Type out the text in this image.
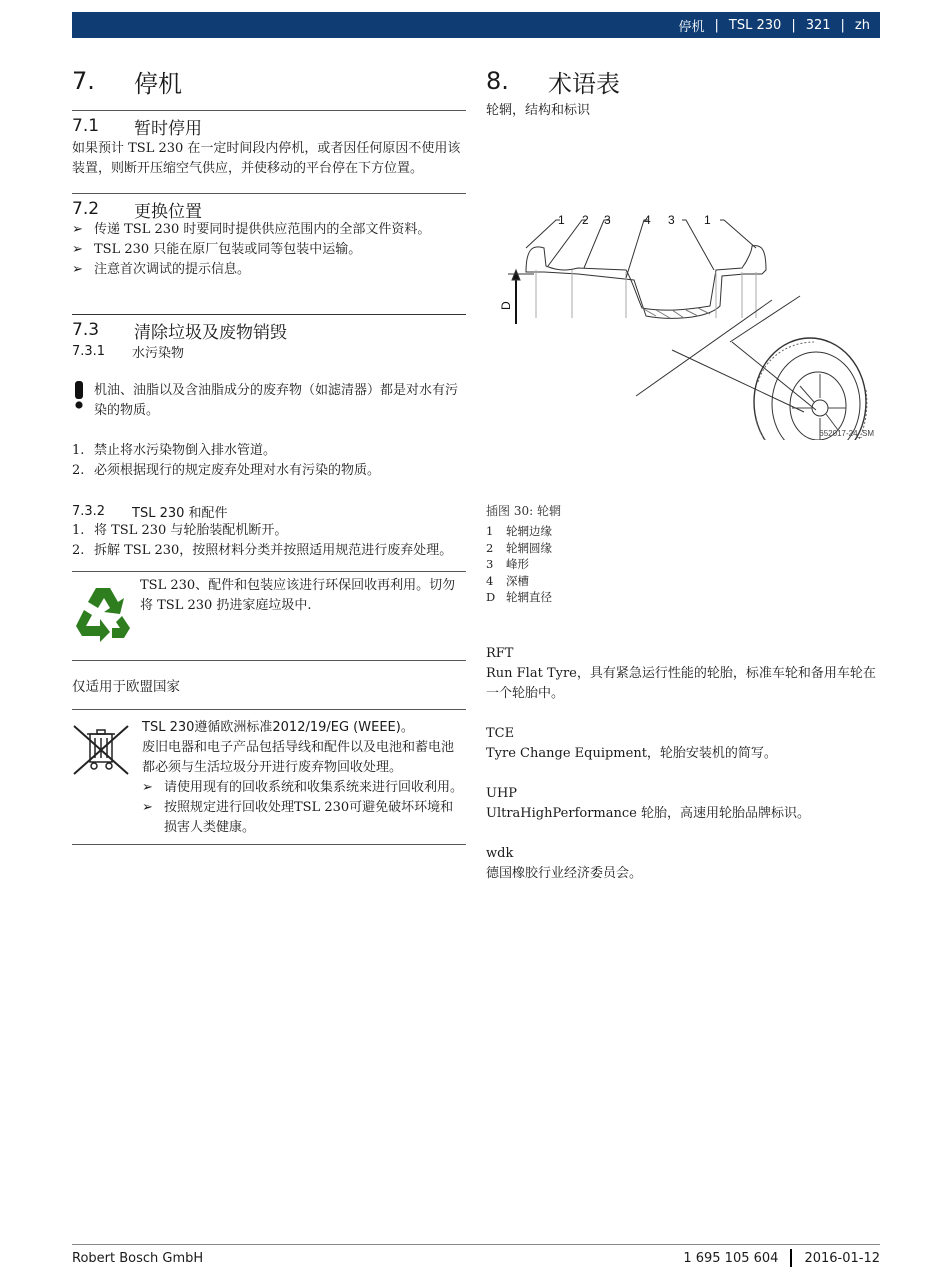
停机 | TSL 230 | 321 | zh
7.	停机
7.1	暂时停用
如果预计 TSL 230 在一定时间段内停机，或者因任何原因不使用该装置，则断开压缩空气供应，并使移动的平台停在下方位置。
7.2	更换位置
➢ 传递 TSL 230 时要同时提供供应范围内的全部文件资料。
➢ TSL 230 只能在原厂包装或同等包装中运输。
➢ 注意首次调试的提示信息。
7.3	清除垃圾及废物销毁
7.3.1	水污染物
机油、油脂以及含油脂成分的废弃物（如滤清器）都是对水有污染的物质。
1. 禁止将水污染物倒入排水管道。
2. 必须根据现行的规定废弃处理对水有污染的物质。
7.3.2	TSL 230 和配件
1. 将 TSL 230 与轮胎装配机断开。
2. 拆解 TSL 230，按照材料分类并按照适用规范进行废弃处理。
TSL 230、配件和包装应该进行环保回收再利用。切勿将 TSL 230 扔进家庭垃圾中.
仅适用于欧盟国家
TSL 230遵循欧洲标准2012/19/EG (WEEE)。
废旧电器和电子产品包括导线和配件以及电池和蓄电池都必须与生活垃圾分开进行废弃物回收处理。
➢ 请使用现有的回收系统和收集系统来进行回收利用。
➢ 按照规定进行回收处理TSL 230可避免破坏环境和损害人类健康。
8.	术语表
轮辋，结构和标识
1 2 3	4 3 1
D
652017-24_SM
插图 30: 轮辋
1	轮辋边缘
2	轮辋圆缘
3	峰形
4	深槽
D 轮辋直径
RFT
Run Flat Tyre，具有紧急运行性能的轮胎，标准车轮和备用车轮在一个轮胎中。
TCE
Tyre Change Equipment，轮胎安装机的简写。
UHP
UltraHighPerformance 轮胎，高速用轮胎品牌标识。
wdk
德国橡胶行业经济委员会。
Robert Bosch GmbH	1 695 105 604 2016-01-12
